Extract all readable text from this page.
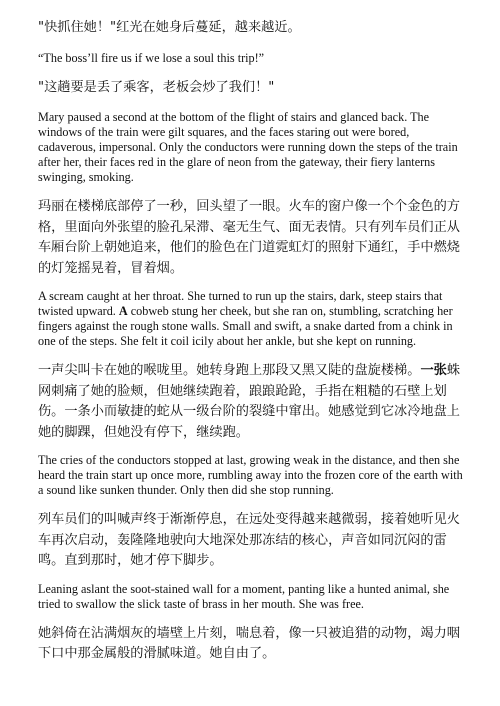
"快抓住她！"红光在她身后蔓延，越来越近。

“The boss’ll fire us if we lose a soul this trip!”

"这趟要是丢了乘客，老板会炒了我们！"

Mary paused a second at the bottom of the flight of stairs and glanced back. The windows of the train were gilt squares, and the faces staring out were bored, cadaverous, impersonal. Only the conductors were running down the steps of the train after her, their faces red in the glare of neon from the gateway, their fiery lanterns swinging, smoking.

玛丽在楼梯底部停了一秒，回头望了一眼。火车的窗户像一个个金色的方格，里面向外张望的脸孔呆滞、毫无生气、面无表情。只有列车员们正从车厢台阶上朝她追来，他们的脸色在门道霓虹灯的照射下通红，手中燃烧的灯笼摇晃着，冒着烟。

A scream caught at her throat. She turned to run up the stairs, dark, steep stairs that twisted upward. A cobweb stung her cheek, but she ran on, stumbling, scratching her fingers against the rough stone walls. Small and swift, a snake darted from a chink in one of the steps. She felt it coil icily about her ankle, but she kept on running.

一声尖叫卡在她的喉咙里。她转身跑上那段又黑又陡的盘旋楼梯。一张蛛网刺痛了她的脸颊，但她继续跑着，踉踉跄跄，手指在粗糙的石壁上划伤。一条小而敏捷的蛇从一级台阶的裂缝中窜出。她感觉到它冰冷地盘上她的脚踝，但她没有停下，继续跑。

The cries of the conductors stopped at last, growing weak in the distance, and then she heard the train start up once more, rumbling away into the frozen core of the earth with a sound like sunken thunder. Only then did she stop running.

列车员们的叫喊声终于渐渐停息，在远处变得越来越微弱，接着她听见火车再次启动，轰隆隆地驶向大地深处那冻结的核心，声音如同沉闷的雷鸣。直到那时，她才停下脚步。

Leaning aslant the soot-stained wall for a moment, panting like a hunted animal, she tried to swallow the slick taste of brass in her mouth. She was free.

她斜倚在沾满烟灰的墙壁上片刻，喘息着，像一只被追猎的动物，竭力咽下口中那金属般的滑腻味道。她自由了。
